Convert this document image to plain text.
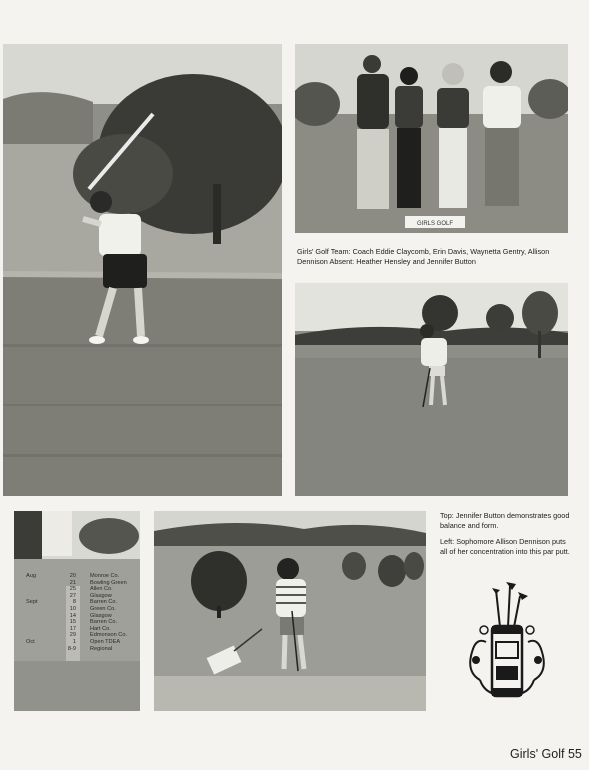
GIRLS GOLF
Aug	20	Monroe Co.
21	Bowling Green
25	Allen Co.
27	Glasgow
Sept	8	Barren Co.
10	Green Co.
14	Glasgow
15	Barren Co.
17	Hart Co.
29	Edmonson Co.
Oct	1	Open TDEA
8-9	Regional
Girls' Golf Team: Coach Eddie Claycomb, Erin Davis, Waynetta Gentry, Allison Dennison Absent: Heather Hensley and Jennifer Button
Top: Jennifer Button demonstrates good balance and form.
Left: Sophomore Allison Dennison puts all of her concentration into this par putt.
Girls' Golf 55
